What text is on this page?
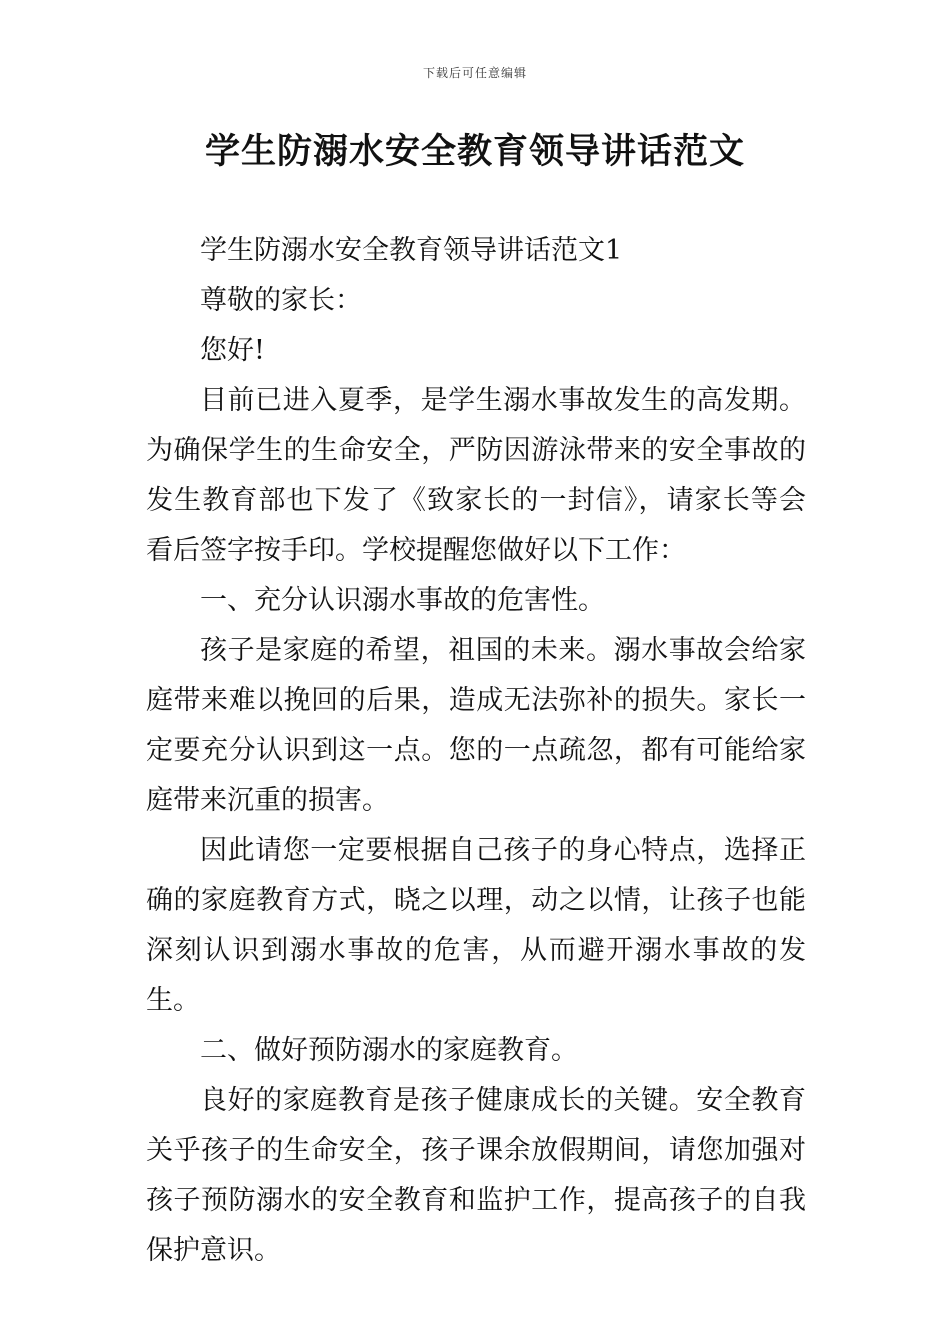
下载后可任意编辑
学生防溺水安全教育领导讲话范文

学生防溺水安全教育领导讲话范文1

尊敬的家长：

您好!

目前已进入夏季，是学生溺水事故发生的高发期。为确保学生的生命安全，严防因游泳带来的安全事故的发生教育部也下发了《致家长的一封信》，请家长等会看后签字按手印。学校提醒您做好以下工作：

一、充分认识溺水事故的危害性。

孩子是家庭的希望，祖国的未来。溺水事故会给家庭带来难以挽回的后果，造成无法弥补的损失。家长一定要充分认识到这一点。您的一点疏忽，都有可能给家庭带来沉重的损害。

因此请您一定要根据自己孩子的身心特点，选择正确的家庭教育方式，晓之以理，动之以情，让孩子也能深刻认识到溺水事故的危害，从而避开溺水事故的发生。

二、做好预防溺水的家庭教育。

良好的家庭教育是孩子健康成长的关键。安全教育关乎孩子的生命安全，孩子课余放假期间，请您加强对孩子预防溺水的安全教育和监护工作，提高孩子的自我保护意识。
